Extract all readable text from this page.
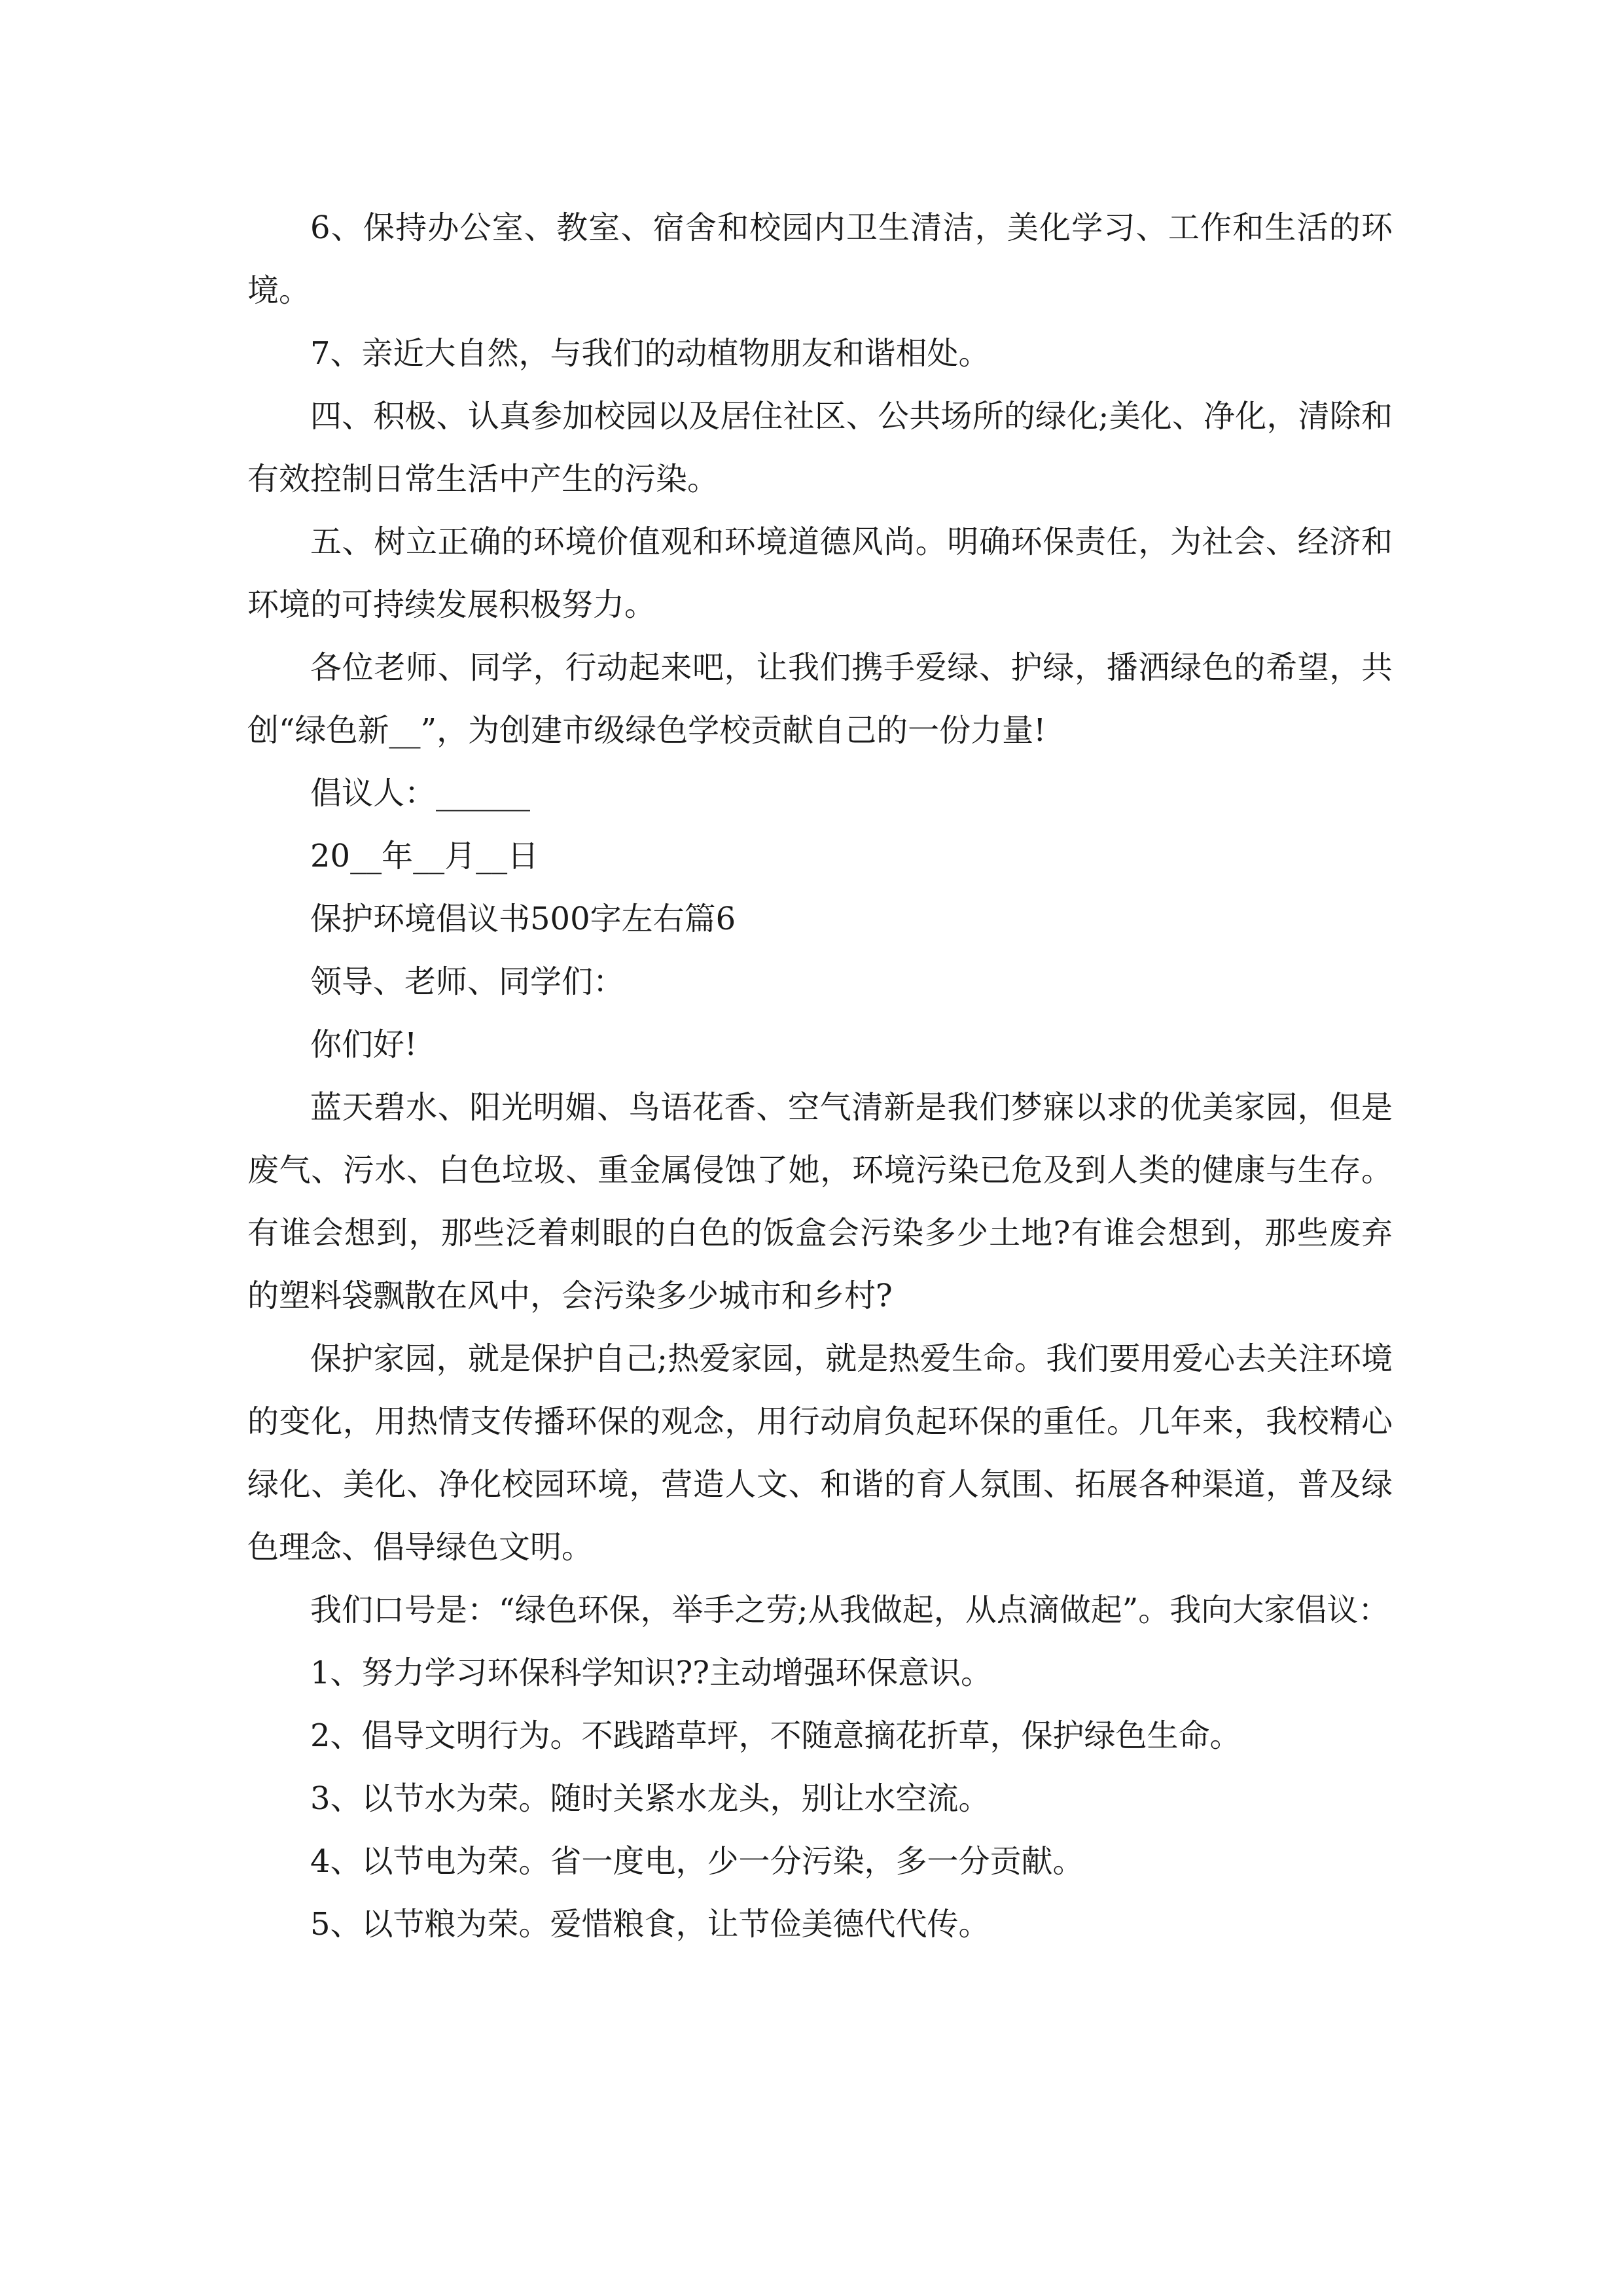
6、保持办公室、教室、宿舍和校园内卫生清洁，美化学习、工作和生活的环境。

7、亲近大自然，与我们的动植物朋友和谐相处。

四、积极、认真参加校园以及居住社区、公共场所的绿化;美化、净化，清除和有效控制日常生活中产生的污染。

五、树立正确的环境价值观和环境道德风尚。明确环保责任，为社会、经济和环境的可持续发展积极努力。

各位老师、同学，行动起来吧，让我们携手爱绿、护绿，播洒绿色的希望，共创“绿色新__”，为创建市级绿色学校贡献自己的一份力量!

倡议人：______

20__年__月__日

保护环境倡议书500字左右篇6

领导、老师、同学们：

你们好!

蓝天碧水、阳光明媚、鸟语花香、空气清新是我们梦寐以求的优美家园，但是废气、污水、白色垃圾、重金属侵蚀了她，环境污染已危及到人类的健康与生存。有谁会想到，那些泛着刺眼的白色的饭盒会污染多少土地?有谁会想到，那些废弃的塑料袋飘散在风中，会污染多少城市和乡村?

保护家园，就是保护自己;热爱家园，就是热爱生命。我们要用爱心去关注环境的变化，用热情支传播环保的观念，用行动肩负起环保的重任。几年来，我校精心绿化、美化、净化校园环境，营造人文、和谐的育人氛围、拓展各种渠道，普及绿色理念、倡导绿色文明。

我们口号是：“绿色环保，举手之劳;从我做起，从点滴做起”。我向大家倡议：

1、努力学习环保科学知识??主动增强环保意识。

2、倡导文明行为。不践踏草坪，不随意摘花折草，保护绿色生命。

3、以节水为荣。随时关紧水龙头，别让水空流。

4、以节电为荣。省一度电，少一分污染，多一分贡献。

5、以节粮为荣。爱惜粮食，让节俭美德代代传。
